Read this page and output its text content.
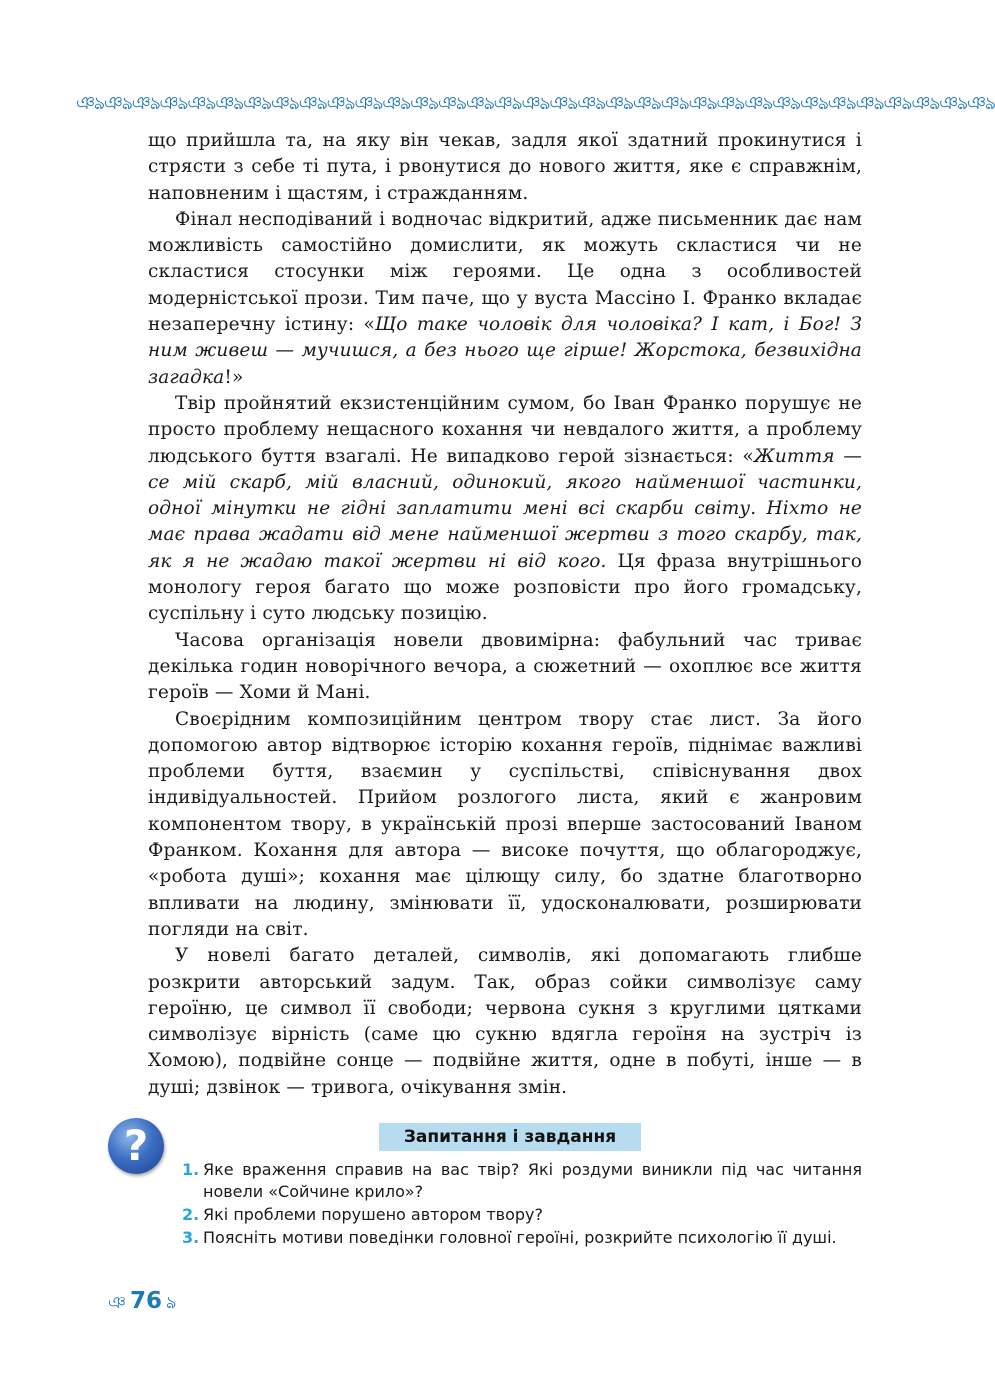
ঞঌঞঌঞঌঞঌঞঌঞঌঞঌঞঌঞঌঞঌঞঌঞঌঞঌঞঌঞঌঞঌঞঌঞঌঞঌঞঌঞঌঞঌঞঌঞঌঞঌঞঌঞঌঞঌঞঌঞঌঞঌঞঌঞঌ

що прийшла та, на яку він чекав, задля якої здатний прокинутися і стрясти з себе ті пута, і рвонутися до нового життя, яке є справжнім, наповненим і щастям, і стражданням.

Фінал несподіваний і водночас відкритий, адже письменник дає нам можливість самостійно домислити, як можуть скластися чи не скластися стосунки між героями. Це одна з особливостей модерністської прози. Тим паче, що у вуста Массіно І. Франко вкладає незаперечну істину: «Що таке чоловік для чоловіка? І кат, і Бог! З ним живеш — мучишся, а без нього ще гірше! Жорстока, безвихідна загадка!»

Твір пройнятий екзистенційним сумом, бо Іван Франко порушує не просто проблему нещасного кохання чи невдалого життя, а проблему людського буття взагалі. Не випадково герой зізнається: «Життя — се мій скарб, мій власний, одинокий, якого найменшої частинки, одної мінутки не гідні заплатити мені всі скарби світу. Ніхто не має права жадати від мене найменшої жертви з того скарбу, так, як я не жадаю такої жертви ні від кого. Ця фраза внутрішнього монологу героя багато що може розповісти про його громадську, суспільну і суто людську позицію.

Часова організація новели двовимірна: фабульний час триває декілька годин новорічного вечора, а сюжетний — охоплює все життя героїв — Хоми й Мані.

Своєрідним композиційним центром твору стає лист. За його допомогою автор відтворює історію кохання героїв, піднімає важливі проблеми буття, взаємин у суспільстві, співіснування двох індивідуальностей. Прийом розлогого листа, який є жанровим компонентом твору, в українській прозі вперше застосований Іваном Франком. Кохання для автора — високе почуття, що облагороджує, «робота душі»; кохання має цілющу силу, бо здатне благотворно впливати на людину, змінювати її, удосконалювати, розширювати погляди на світ.

У новелі багато деталей, символів, які допомагають глибше розкрити авторський задум. Так, образ сойки символізує саму героїню, це символ її свободи; червона сукня з круглими цятками символізує вірність (саме цю сукню вдягла героїня на зустріч із Хомою), подвійне сонце — подвійне життя, одне в побуті, інше — в душі; дзвінок — тривога, очікування змін.

?	Запитання і завдання
1. Яке враження справив на вас твір? Які роздуми виникли під час читання новели «Сойчине крило»?
2. Які проблеми порушено автором твору?
3. Поясніть мотиви поведінки головної героїні, розкрийте психологію її душі.
ঞ 76 ঌ
